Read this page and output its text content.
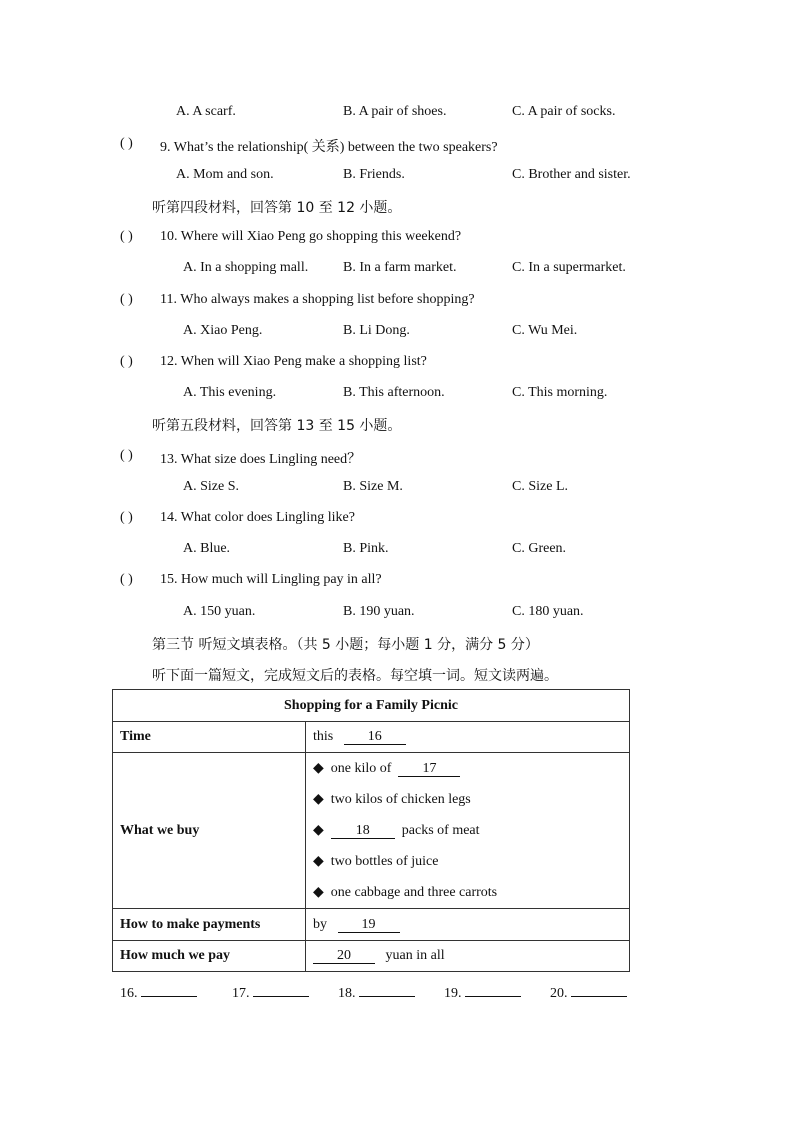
A. A scarf.	B. A pair of shoes.	C. A pair of socks.
( ) 9. What’s the relationship( 关系) between the two speakers?
A. Mom and son.	B. Friends.	C. Brother and sister.
听第四段材料，回答第 10 至 12 小题。
( ) 10. Where will Xiao Peng go shopping this weekend?
A. In a shopping mall. B. In a farm market.	C. In a supermarket.
( ) 11. Who always makes a shopping list before shopping?
A. Xiao Peng.	B. Li Dong.	C. Wu Mei.
( ) 12. When will Xiao Peng make a shopping list?
A. This evening.	B. This afternoon.	C. This morning.
听第五段材料，回答第 13 至 15 小题。
( ) 13. What size does Lingling need？
A. Size S.	B. Size M.	C. Size L.
( ) 14. What color does Lingling like?
A. Blue.	B. Pink.	C. Green.
( ) 15. How much will Lingling pay in all?
A. 150 yuan.	B. 190 yuan.	C. 180 yuan.
第三节 听短文填表格。（共 5 小题；每小题 1 分，满分 5 分）
听下面一篇短文，完成短文后的表格。每空填一词。短文读两遍。
Shopping for a Family Picnic	
Time	this 16
What we buy	◆ one kilo of 17
◆ two kilos of chicken legs
◆ 18 packs of meat
◆ two bottles of juice
◆ one cabbage and three carrots

How to make payments	by 19
How much we pay	20 yuan in all
16.	17.	18.	19.	20.
